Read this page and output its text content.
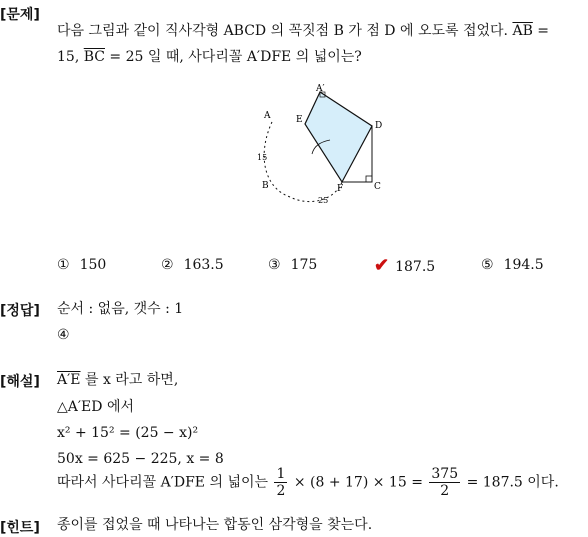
[문제]
다음 그림과 같이 직사각형 ABCD 의 꼭짓점 B 가 점 D 에 오도록 접었다. $\overline{AB}$ =
15, $\overline{BC} = 25$ 일 때, 사다리꼴 A′DFE 의 넓이는?
A
A′
E
D
B	F	C
15
25
① 150	② 163.5	③ 175	✔ 187.5	⑤ 194.5
[정답] 순서 : 없음, 갯수 : 1
④
[해설] A′E 를 x 라고 하면,
△A′ED 에서
x² + 15² = (25 − x)²
50x = 625 − 225, x = 8
따라서 사다리꼴 A′DFE 의 넓이는 $\frac{1}{2} \times (8 + 17) \times 15 = \frac{375}{2} = 187.5$ 이다.
[힌트] 종이를 접었을 때 나타나는 합동인 삼각형을 찾는다.
